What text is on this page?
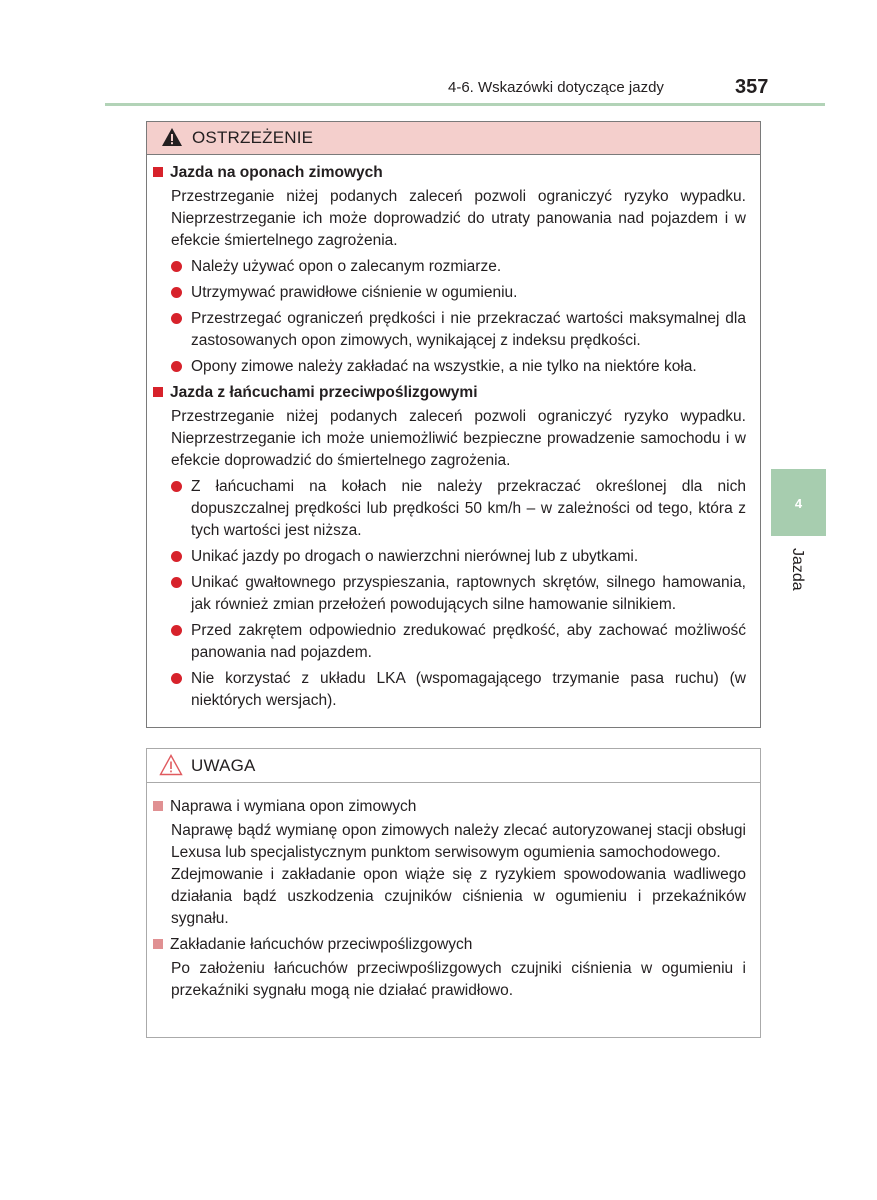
4-6. Wskazówki dotyczące jazdy	357
4
Jazda
OSTRZEŻENIE
Jazda na oponach zimowych
Przestrzeganie niżej podanych zaleceń pozwoli ograniczyć ryzyko wypadku. Nieprzestrzeganie ich może doprowadzić do utraty panowania nad pojazdem i w efekcie śmiertelnego zagrożenia.
Należy używać opon o zalecanym rozmiarze.
Utrzymywać prawidłowe ciśnienie w ogumieniu.
Przestrzegać ograniczeń prędkości i nie przekraczać wartości maksymalnej dla zastosowanych opon zimowych, wynikającej z indeksu prędkości.
Opony zimowe należy zakładać na wszystkie, a nie tylko na niektóre koła.
Jazda z łańcuchami przeciwpoślizgowymi
Przestrzeganie niżej podanych zaleceń pozwoli ograniczyć ryzyko wypadku. Nieprzestrzeganie ich może uniemożliwić bezpieczne prowadzenie samochodu i w efekcie doprowadzić do śmiertelnego zagrożenia.
Z łańcuchami na kołach nie należy przekraczać określonej dla nich dopuszczalnej prędkości lub prędkości 50 km/h – w zależności od tego, która z tych wartości jest niższa.
Unikać jazdy po drogach o nawierzchni nierównej lub z ubytkami.
Unikać gwałtownego przyspieszania, raptownych skrętów, silnego hamowania, jak również zmian przełożeń powodujących silne hamowanie silnikiem.
Przed zakrętem odpowiednio zredukować prędkość, aby zachować możliwość panowania nad pojazdem.
Nie korzystać z układu LKA (wspomagającego trzymanie pasa ruchu) (w niektórych wersjach).
UWAGA
Naprawa i wymiana opon zimowych
Naprawę bądź wymianę opon zimowych należy zlecać autoryzowanej stacji obsługi Lexusa lub specjalistycznym punktom serwisowym ogumienia samochodowego.
Zdejmowanie i zakładanie opon wiąże się z ryzykiem spowodowania wadliwego działania bądź uszkodzenia czujników ciśnienia w ogumieniu i przekaźników sygnału.
Zakładanie łańcuchów przeciwpoślizgowych
Po założeniu łańcuchów przeciwpoślizgowych czujniki ciśnienia w ogumieniu i przekaźniki sygnału mogą nie działać prawidłowo.
